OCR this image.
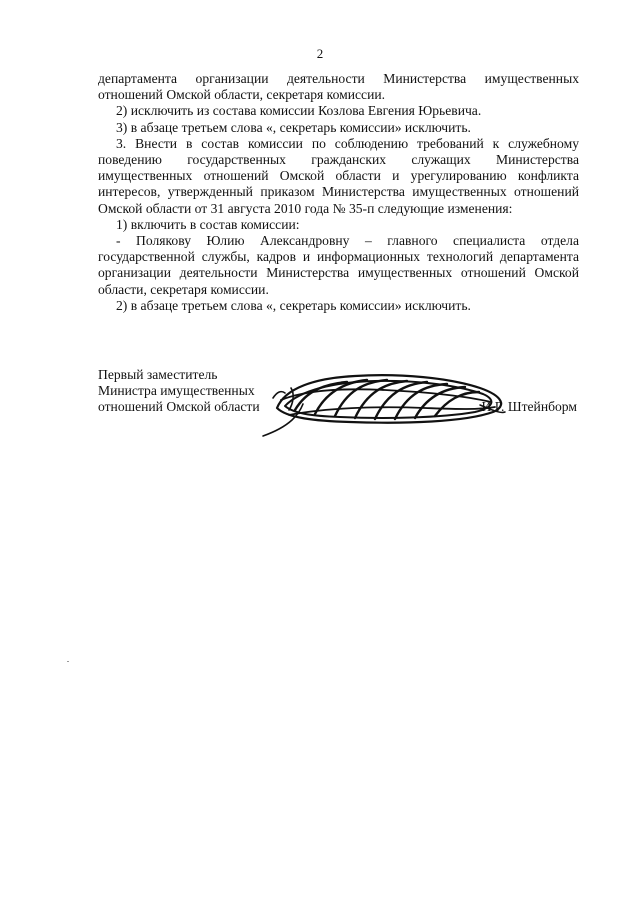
2

департамента организации деятельности Министерства имущественных отношений Омской области, секретаря комиссии.

2) исключить из состава комиссии Козлова Евгения Юрьевича.

3) в абзаце третьем слова «, секретарь комиссии» исключить.

3. Внести в состав комиссии по соблюдению требований к служебному поведению государственных гражданских служащих Министерства имущественных отношений Омской области и урегулированию конфликта интересов, утвержденный приказом Министерства имущественных отношений Омской области от 31 августа 2010 года № 35-п следующие изменения:

1) включить в состав комиссии:

- Полякову Юлию Александровну – главного специалиста отдела государственной службы, кадров и информационных технологий департамента организации деятельности Министерства имущественных отношений Омской области, секретаря комиссии.

2) в абзаце третьем слова «, секретарь комиссии» исключить.

Первый заместитель
Министра имущественных
отношений Омской области	И.Г. Штейнборм
